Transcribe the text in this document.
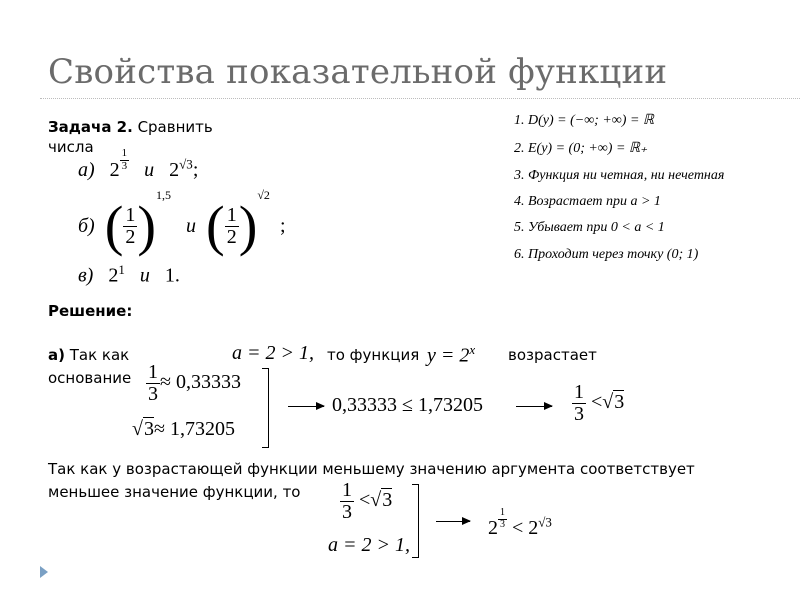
Свойства показательной функции
Задача 2. Сравнить
числа
а) $2 \frac{1}{3}$ и $2^{√3}$;
б) ( $\frac{1}{2} )^{1,5}$   и ( $\frac{1}{2} )^{√2}$  ;
в) $2^1$ и 1.
1. D(y) = (−∞; +∞) = ℝ
2. E(y) = (0; +∞) = ℝ₊
3. Функция ни четная, ни нечетная
4. Возрастает при a > 1
5. Убывает при 0 < a < 1
6. Проходит через точку (0; 1)
Решение:
а) Так как	a = 2 > 1, то функция $y = 2^x$ возрастает
основание $\frac{1}{3} \approx 0,33333$
√3≈ 1,73205
0,33333 ≤ 1,73205	$\frac{1}{3} <√3$
Так как у возрастающей функции меньшему значению аргумента соответствует
меньшее значение функции, то $\frac{1}{3} <√3$
a = 2 > 1,
$2 \frac{1}{3} < 2^{√3}$
